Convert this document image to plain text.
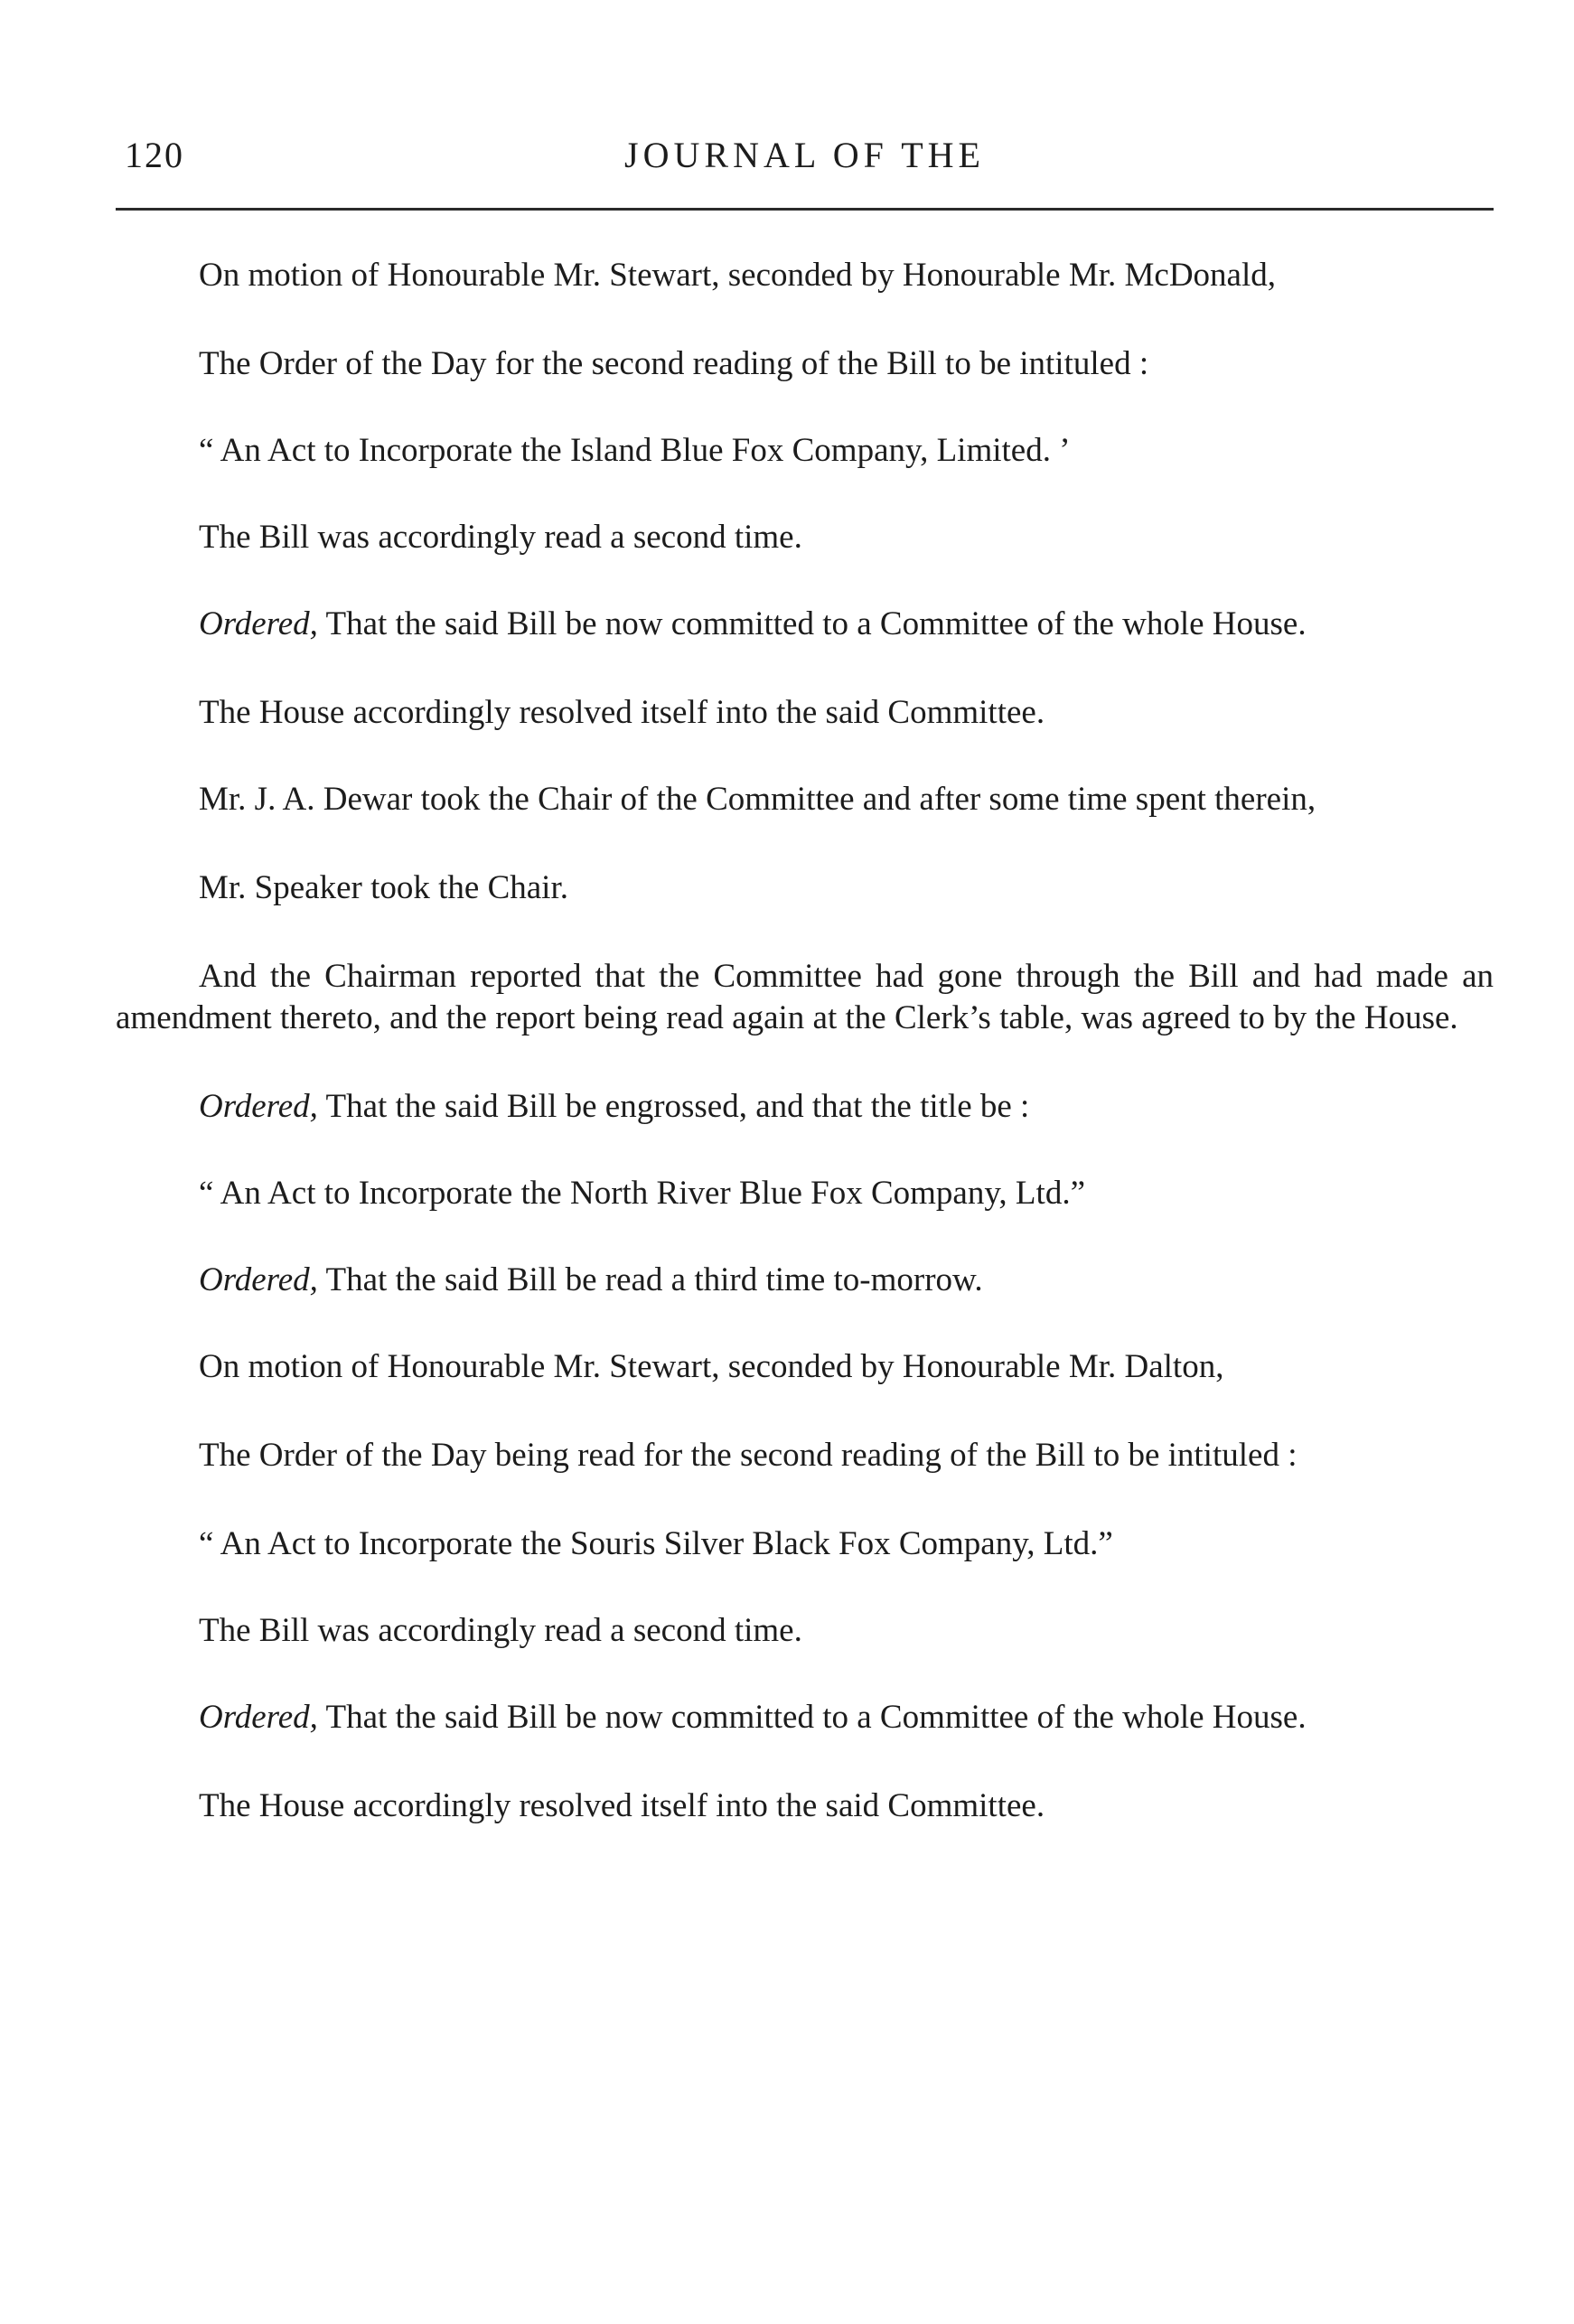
120	JOURNAL OF THE

On motion of Honourable Mr. Stewart, seconded by Honourable Mr. McDonald,

The Order of the Day for the second reading of the Bill to be intituled :

“ An Act to Incorporate the Island Blue Fox Company, Limited. ’

The Bill was accordingly read a second time.

Ordered, That the said Bill be now committed to a Committee of the whole House.

The House accordingly resolved itself into the said Committee.

Mr. J. A. Dewar took the Chair of the Committee and after some time spent therein,

Mr. Speaker took the Chair.

And the Chairman reported that the Committee had gone through the Bill and had made an amendment thereto, and the report being read again at the Clerk’s table, was agreed to by the House.

Ordered, That the said Bill be engrossed, and that the title be :

“ An Act to Incorporate the North River Blue Fox Company, Ltd.”

Ordered, That the said Bill be read a third time to-morrow.

On motion of Honourable Mr. Stewart, seconded by Honourable Mr. Dalton,

The Order of the Day being read for the second reading of the Bill to be intituled :

“ An Act to Incorporate the Souris Silver Black Fox Company, Ltd.”

The Bill was accordingly read a second time.

Ordered, That the said Bill be now committed to a Committee of the whole House.

The House accordingly resolved itself into the said Committee.
